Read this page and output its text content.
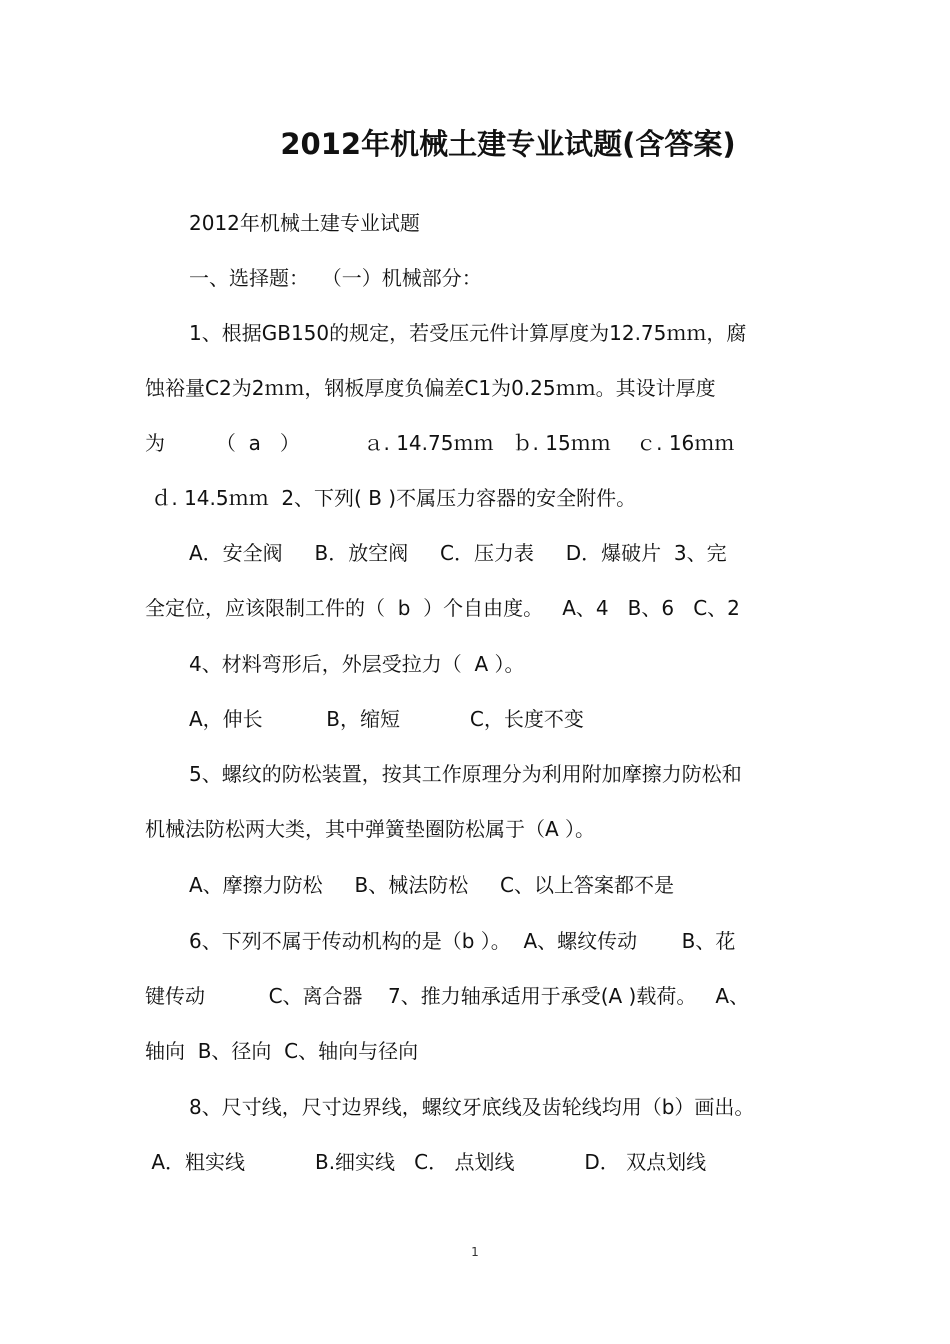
2012年机械土建专业试题(含答案)
2012年机械土建专业试题
一、选择题：  （一）机械部分：
1、根据GB150的规定，若受压元件计算厚度为12.75ｍｍ，腐
蚀裕量C2为2ｍｍ，钢板厚度负偏差C1为0.25ｍｍ。其设计厚度
为        （  a   ）          ａ. 14.75ｍｍ   ｂ. 15ｍｍ    ｃ. 16ｍｍ
ｄ. 14.5ｍｍ  2、下列( B )不属压力容器的安全附件。
A．安全阀     B．放空阀     C．压力表     D．爆破片  3、完
全定位，应该限制工件的（  b  ）个自由度。   A、4   B、6   C、2
4、材料弯形后，外层受拉力（  A ）。
A，伸长          B，缩短           C，长度不变
5、螺纹的防松装置，按其工作原理分为利用附加摩擦力防松和
机械法防松两大类，其中弹簧垫圈防松属于（A ）。
A、摩擦力防松     B、械法防松     C、以上答案都不是
6、下列不属于传动机构的是（b ）。  A、螺纹传动       B、花
键传动          C、离合器    7、推力轴承适用于承受(A )载荷。   A、
轴向  B、径向  C、轴向与径向
8、尺寸线，尺寸边界线，螺纹牙底线及齿轮线均用（b）画出。
A．粗实线           B.细实线   C． 点划线           D． 双点划线
1
